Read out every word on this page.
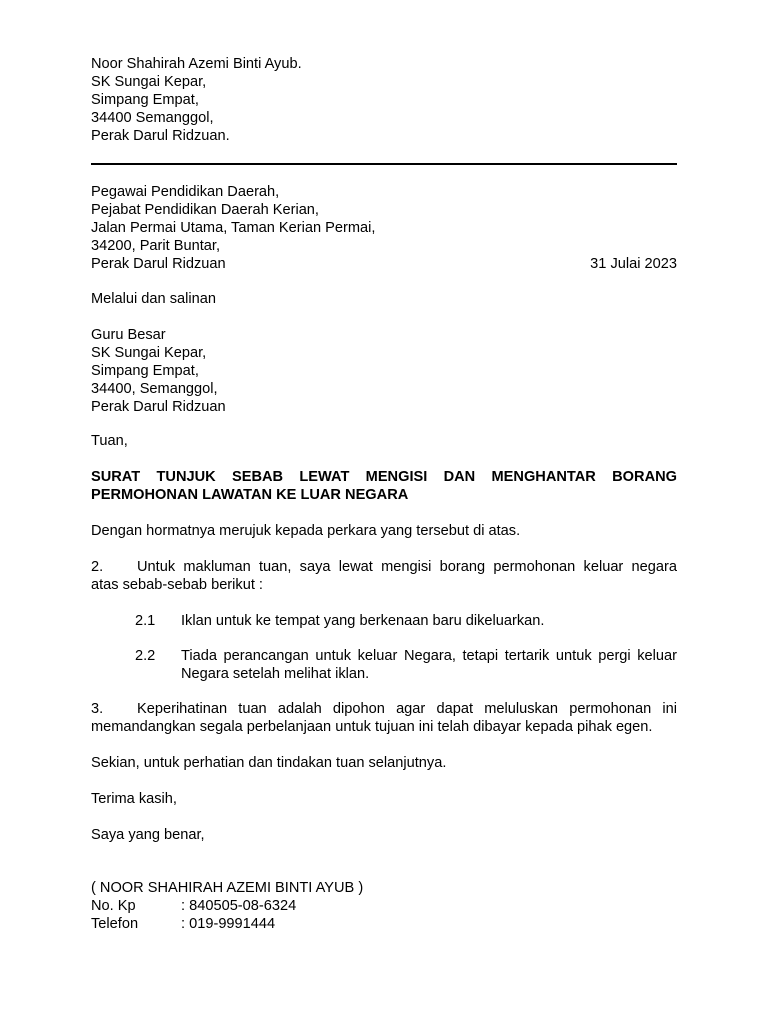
Noor Shahirah Azemi Binti Ayub.
SK Sungai Kepar,
Simpang Empat,
34400 Semanggol,
Perak Darul Ridzuan.
Pegawai Pendidikan Daerah,
Pejabat Pendidikan Daerah Kerian,
Jalan Permai Utama, Taman Kerian Permai,
34200, Parit Buntar,
Perak Darul Ridzuan	31 Julai 2023
Melalui dan salinan
Guru Besar
SK Sungai Kepar,
Simpang Empat,
34400, Semanggol,
Perak Darul Ridzuan
Tuan,
SURAT TUNJUK SEBAB LEWAT MENGISI DAN MENGHANTAR BORANG
PERMOHONAN LAWATAN KE LUAR NEGARA
Dengan hormatnya merujuk kepada perkara yang tersebut di atas.
2. Untuk makluman tuan, saya lewat mengisi borang permohonan keluar negara
atas sebab-sebab berikut :
2.1 Iklan untuk ke tempat yang berkenaan baru dikeluarkan.
2.2 Tiada perancangan untuk keluar Negara, tetapi tertarik untuk pergi keluar
Negara setelah melihat iklan.
3. Keperihatinan tuan adalah dipohon agar dapat meluluskan permohonan ini
memandangkan segala perbelanjaan untuk tujuan ini telah dibayar kepada pihak egen.
Sekian, untuk perhatian dan tindakan tuan selanjutnya.
Terima kasih,
Saya yang benar,
( NOOR SHAHIRAH AZEMI BINTI AYUB )
No. Kp	: 840505-08-6324
Telefon	: 019-9991444
